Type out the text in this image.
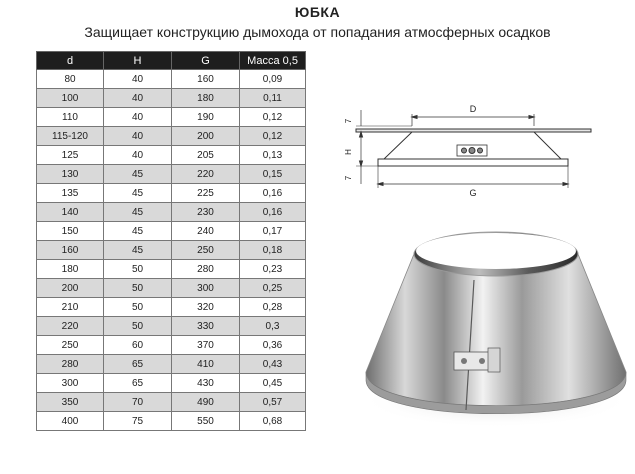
ЮБКА
Защищает конструкцию дымохода от попадания атмосферных осадков
d	H	G	Масса 0,5
80	40	160	0,09
100	40	180	0,11
110	40	190	0,12
115-120	40	200	0,12
125	40	205	0,13
130	45	220	0,15
135	45	225	0,16
140	45	230	0,16
150	45	240	0,17
160	45	250	0,18
180	50	280	0,23
200	50	300	0,25
210	50	320	0,28
220	50	330	0,3
250	60	370	0,36
280	65	410	0,43
300	65	430	0,45
350	70	490	0,57
400	75	550	0,68
D
G
H
7
7
